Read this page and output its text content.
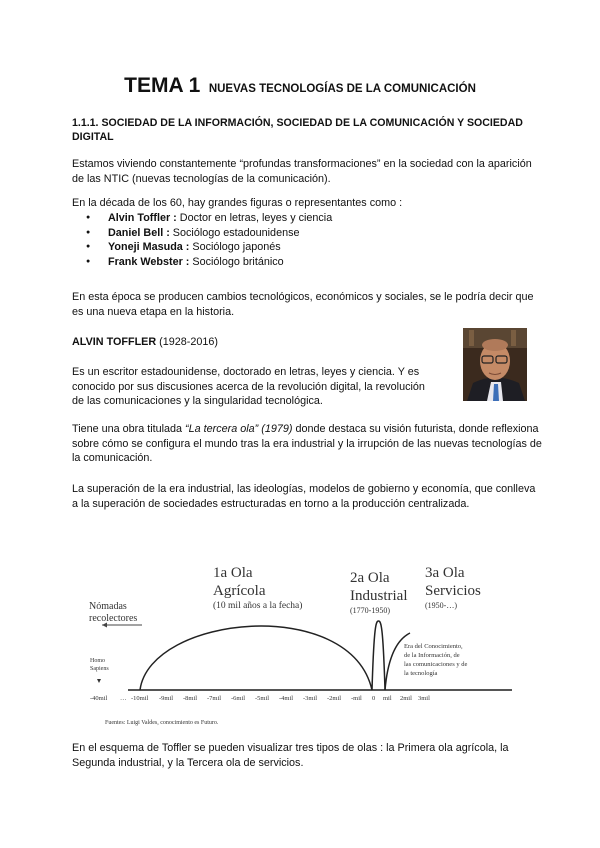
TEMA 1 NUEVAS TECNOLOGÍAS DE LA COMUNICACIÓN
1.1.1. SOCIEDAD DE LA INFORMACIÓN, SOCIEDAD DE LA COMUNICACIÓN Y SOCIEDAD DIGITAL
Estamos viviendo constantemente “profundas transformaciones” en la sociedad con la aparición de las NTIC (nuevas tecnologías de la comunicación).
En la década de los 60, hay grandes figuras o representantes como :
● Alvin Toffler : Doctor en letras, leyes y ciencia
● Daniel Bell : Sociólogo estadounidense
● Yoneji Masuda : Sociólogo japonés
● Frank Webster : Sociólogo británico
En esta época se producen cambios tecnológicos, económicos y sociales, se le podría decir que es una nueva etapa en la historia.
ALVIN TOFFLER (1928-2016)
Es un escritor estadounidense, doctorado en letras, leyes y ciencia. Y es conocido por sus discusiones acerca de la revolución digital, la revolución de las comunicaciones y la singularidad tecnológica.
Tiene una obra titulada “La tercera ola” (1979) donde destaca su visión futurista, donde reflexiona sobre cómo se configura el mundo tras la era industrial y la irrupción de las nuevas tecnologías de la comunicación.
La superación de la era industrial, las ideologías, modelos de gobierno y economía, que conlleva a la superación de sociedades estructuradas en torno a la producción centralizada.
1a Ola
Agrícola
(10 mil años a la fecha)
2a Ola
Industrial
(1770-1950)
3a Ola
Servicios
(1950-…)
Nómadas
recolectores
Homo
Sapiens
Era del Conocimiento,
de la Información, de
las comunicaciones y de
la tecnología
-40mil … -10mil -9mil -8mil -7mil -6mil -5mil -4mil -3mil -2mil -mil 0 mil 2mil 3mil
Fuentes: Luigi Valdes, conocimiento es Futuro.
En el esquema de Toffler se pueden visualizar tres tipos de olas : la Primera ola agrícola, la Segunda industrial, y la Tercera ola de servicios.
